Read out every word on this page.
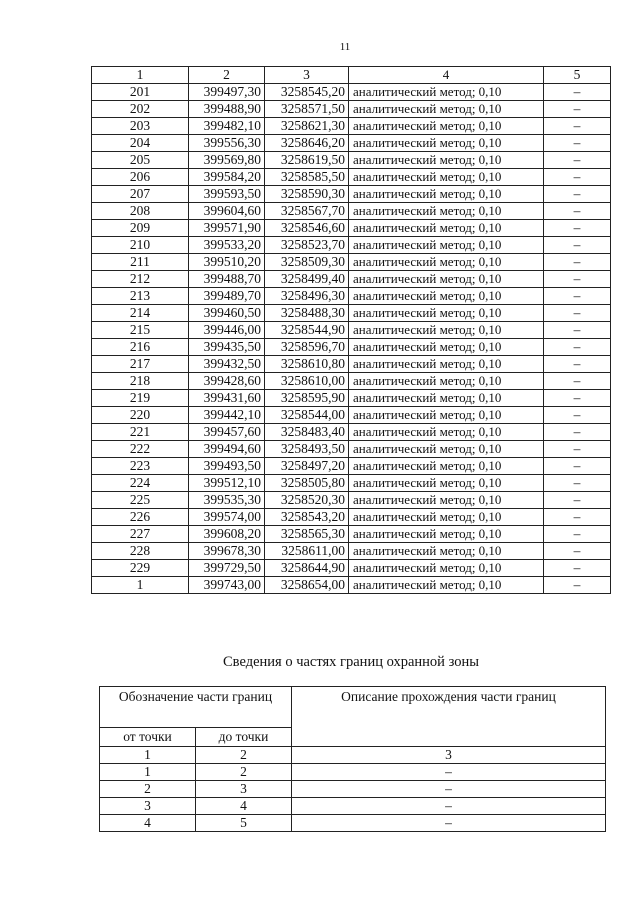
11
1	2	3	4	5
201	399497,30	3258545,20	аналитический метод; 0,10	–
202	399488,90	3258571,50	аналитический метод; 0,10	–
203	399482,10	3258621,30	аналитический метод; 0,10	–
204	399556,30	3258646,20	аналитический метод; 0,10	–
205	399569,80	3258619,50	аналитический метод; 0,10	–
206	399584,20	3258585,50	аналитический метод; 0,10	–
207	399593,50	3258590,30	аналитический метод; 0,10	–
208	399604,60	3258567,70	аналитический метод; 0,10	–
209	399571,90	3258546,60	аналитический метод; 0,10	–
210	399533,20	3258523,70	аналитический метод; 0,10	–
211	399510,20	3258509,30	аналитический метод; 0,10	–
212	399488,70	3258499,40	аналитический метод; 0,10	–
213	399489,70	3258496,30	аналитический метод; 0,10	–
214	399460,50	3258488,30	аналитический метод; 0,10	–
215	399446,00	3258544,90	аналитический метод; 0,10	–
216	399435,50	3258596,70	аналитический метод; 0,10	–
217	399432,50	3258610,80	аналитический метод; 0,10	–
218	399428,60	3258610,00	аналитический метод; 0,10	–
219	399431,60	3258595,90	аналитический метод; 0,10	–
220	399442,10	3258544,00	аналитический метод; 0,10	–
221	399457,60	3258483,40	аналитический метод; 0,10	–
222	399494,60	3258493,50	аналитический метод; 0,10	–
223	399493,50	3258497,20	аналитический метод; 0,10	–
224	399512,10	3258505,80	аналитический метод; 0,10	–
225	399535,30	3258520,30	аналитический метод; 0,10	–
226	399574,00	3258543,20	аналитический метод; 0,10	–
227	399608,20	3258565,30	аналитический метод; 0,10	–
228	399678,30	3258611,00	аналитический метод; 0,10	–
229	399729,50	3258644,90	аналитический метод; 0,10	–
1	399743,00	3258654,00	аналитический метод; 0,10	–
Сведения о частях границ охранной зоны
Обозначение части границ		Описание прохождения части границ
от точки	до точки	
1	2	3
1	2	–
2	3	–
3	4	–
4	5	–
